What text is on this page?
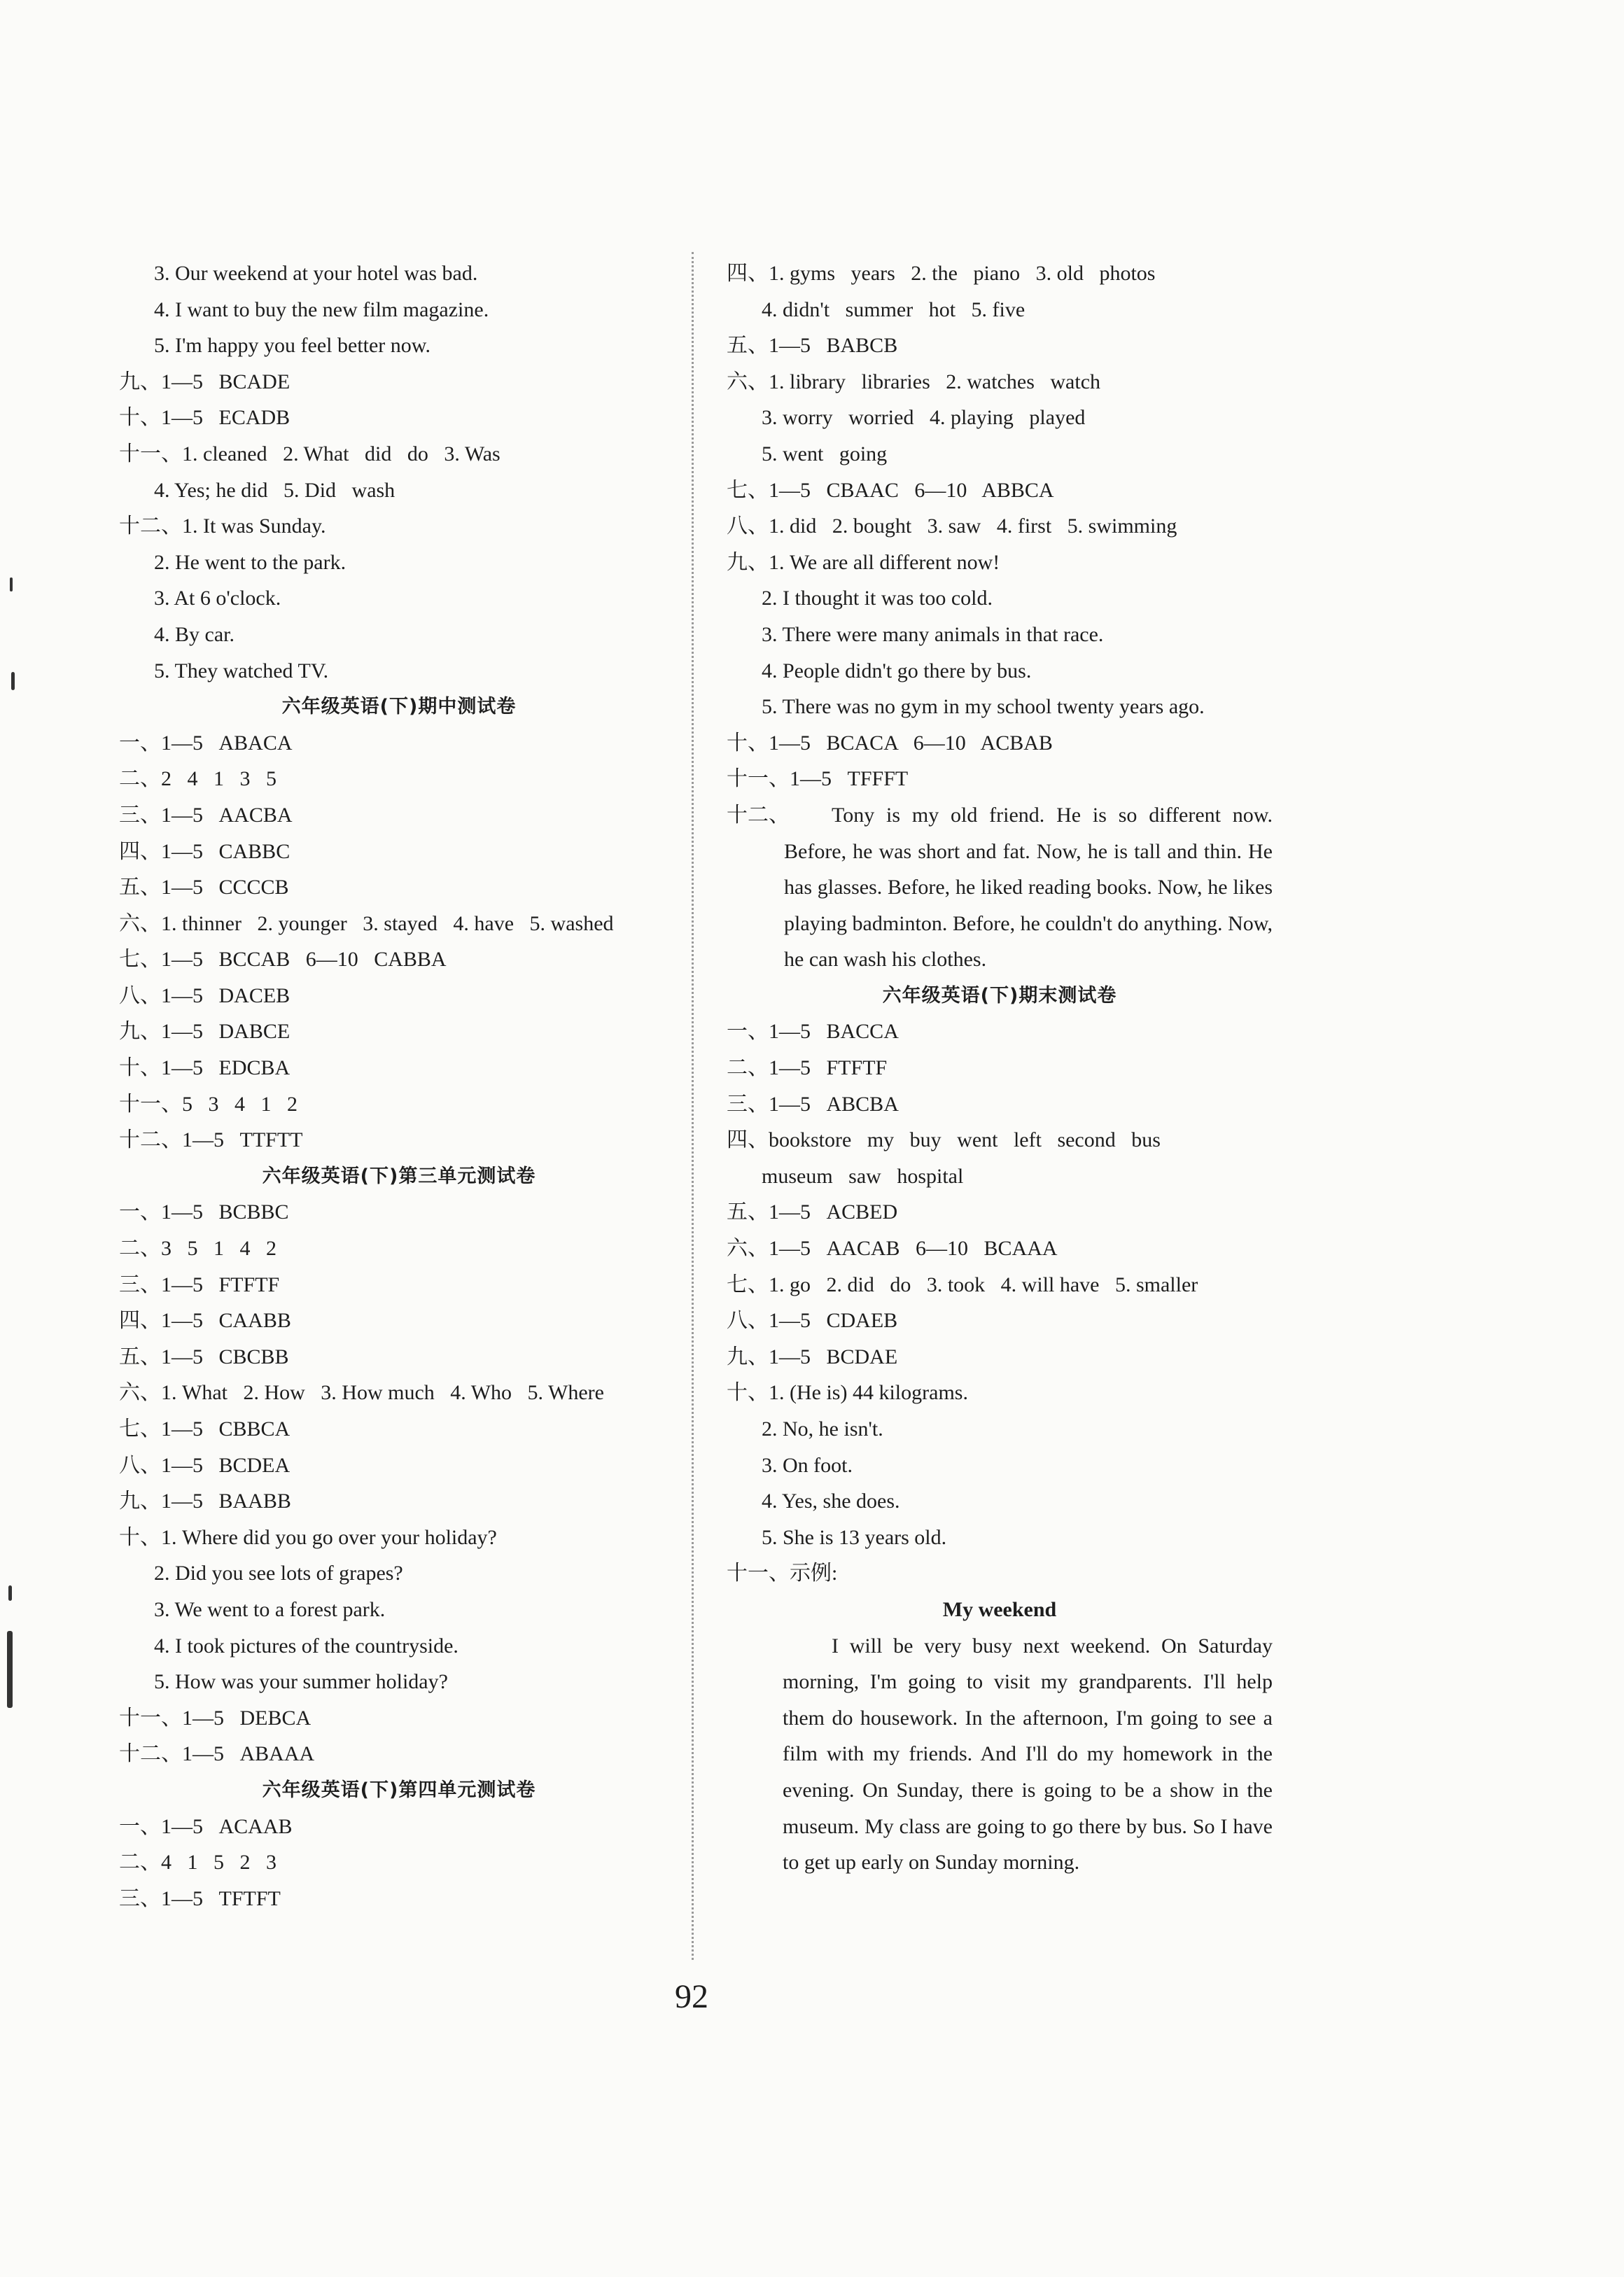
3. Our weekend at your hotel was bad.
4. I want to buy the new film magazine.
5. I'm happy you feel better now.
九、1—5   BCADE
十、1—5   ECADB
十一、1. cleaned   2. What   did   do   3. Was
4. Yes; he did   5. Did   wash
十二、1. It was Sunday.
2. He went to the park.
3. At 6 o'clock.
4. By car.
5. They watched TV.
六年级英语(下)期中测试卷
一、1—5   ABACA
二、2   4   1   3   5
三、1—5   AACBA
四、1—5   CABBC
五、1—5   CCCCB
六、1. thinner   2. younger   3. stayed   4. have   5. washed
七、1—5   BCCAB   6—10   CABBA
八、1—5   DACEB
九、1—5   DABCE
十、1—5   EDCBA
十一、5   3   4   1   2
十二、1—5   TTFTT
六年级英语(下)第三单元测试卷
一、1—5   BCBBC
二、3   5   1   4   2
三、1—5   FTFTF
四、1—5   CAABB
五、1—5   CBCBB
六、1. What   2. How   3. How much   4. Who   5. Where
七、1—5   CBBCA
八、1—5   BCDEA
九、1—5   BAABB
十、1. Where did you go over your holiday?
2. Did you see lots of grapes?
3. We went to a forest park.
4. I took pictures of the countryside.
5. How was your summer holiday?
十一、1—5   DEBCA
十二、1—5   ABAAA
六年级英语(下)第四单元测试卷
一、1—5   ACAAB
二、4   1   5   2   3
三、1—5   TFTFT
四、1. gyms   years   2. the   piano   3. old   photos
4. didn't   summer   hot   5. five
五、1—5   BABCB
六、1. library   libraries   2. watches   watch
3. worry   worried   4. playing   played
5. went   going
七、1—5   CBAAC   6—10   ABBCA
八、1. did   2. bought   3. saw   4. first   5. swimming
九、1. We are all different now!
2. I thought it was too cold.
3. There were many animals in that race.
4. People didn't go there by bus.
5. There was no gym in my school twenty years ago.
十、1—5   BCACA   6—10   ACBAB
十一、1—5   TFFFT
十二、	Tony is my old friend. He is so different now. Before, he was short and fat. Now, he is tall and thin. He has glasses. Before, he liked reading books. Now, he likes playing badminton. Before, he couldn't do anything. Now, he can wash his clothes.
六年级英语(下)期末测试卷
一、1—5   BACCA
二、1—5   FTFTF
三、1—5   ABCBA
四、bookstore   my   buy   went   left   second   bus
museum   saw   hospital
五、1—5   ACBED
六、1—5   AACAB   6—10   BCAAA
七、1. go   2. did   do   3. took   4. will have   5. smaller
八、1—5   CDAEB
九、1—5   BCDAE
十、1. (He is) 44 kilograms.
2. No, he isn't.
3. On foot.
4. Yes, she does.
5. She is 13 years old.
十一、示例:
My weekend
I will be very busy next weekend. On Saturday morning, I'm going to visit my grandparents. I'll help them do housework. In the afternoon, I'm going to see a film with my friends. And I'll do my homework in the evening. On Sunday, there is going to be a show in the museum. My class are going to go there by bus. So I have to get up early on Sunday morning.
92
